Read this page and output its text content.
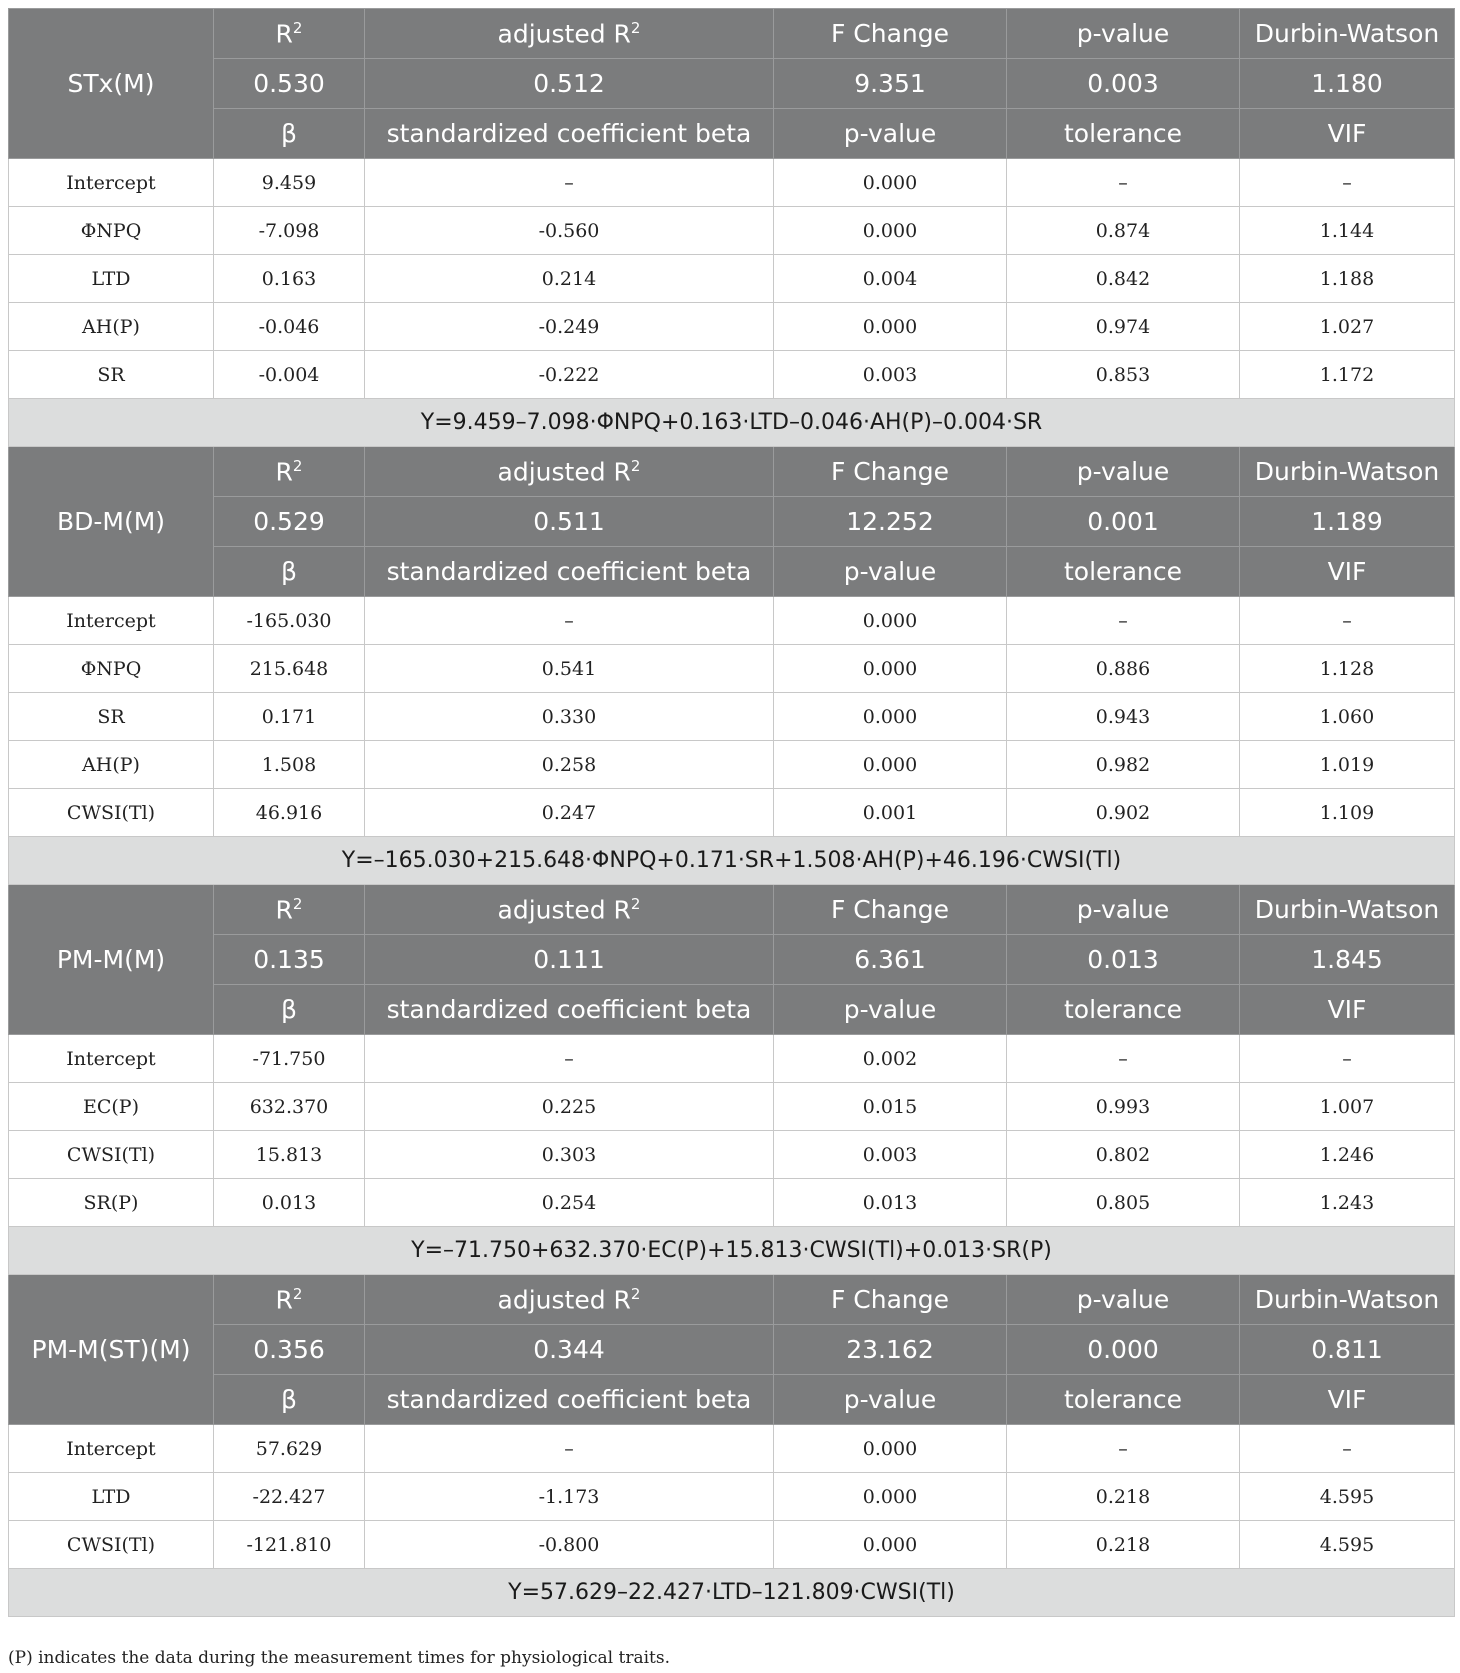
STx(M)	$R^2$	adjusted $R^2$	F Change	p-value	Durbin-Watson
	0.530	0.512	9.351	0.003	1.180
	β	standardized coefficient beta	p-value	tolerance	VIF
Intercept	9.459	–	0.000	–	–
ΦNPQ	-7.098	-0.560	0.000	0.874	1.144
LTD	0.163	0.214	0.004	0.842	1.188
AH(P)	-0.046	-0.249	0.000	0.974	1.027
SR	-0.004	-0.222	0.003	0.853	1.172
Y=9.459–7.098·ΦNPQ+0.163·LTD–0.046·AH(P)–0.004·SR					
BD-M(M)	$R^2$	adjusted $R^2$	F Change	p-value	Durbin-Watson
	0.529	0.511	12.252	0.001	1.189
	β	standardized coefficient beta	p-value	tolerance	VIF
Intercept	-165.030	–	0.000	–	–
ΦNPQ	215.648	0.541	0.000	0.886	1.128
SR	0.171	0.330	0.000	0.943	1.060
AH(P)	1.508	0.258	0.000	0.982	1.019
CWSI(Tl)	46.916	0.247	0.001	0.902	1.109
Y=–165.030+215.648·ΦNPQ+0.171·SR+1.508·AH(P)+46.196·CWSI(Tl)					
PM-M(M)	$R^2$	adjusted $R^2$	F Change	p-value	Durbin-Watson
	0.135	0.111	6.361	0.013	1.845
	β	standardized coefficient beta	p-value	tolerance	VIF
Intercept	-71.750	–	0.002	–	–
EC(P)	632.370	0.225	0.015	0.993	1.007
CWSI(Tl)	15.813	0.303	0.003	0.802	1.246
SR(P)	0.013	0.254	0.013	0.805	1.243
Y=–71.750+632.370·EC(P)+15.813·CWSI(Tl)+0.013·SR(P)					
PM-M(ST)(M)	$R^2$	adjusted $R^2$	F Change	p-value	Durbin-Watson
	0.356	0.344	23.162	0.000	0.811
	β	standardized coefficient beta	p-value	tolerance	VIF
Intercept	57.629	–	0.000	–	–
LTD	-22.427	-1.173	0.000	0.218	4.595
CWSI(Tl)	-121.810	-0.800	0.000	0.218	4.595
Y=57.629–22.427·LTD–121.809·CWSI(Tl)					
(P) indicates the data during the measurement times for physiological traits.
